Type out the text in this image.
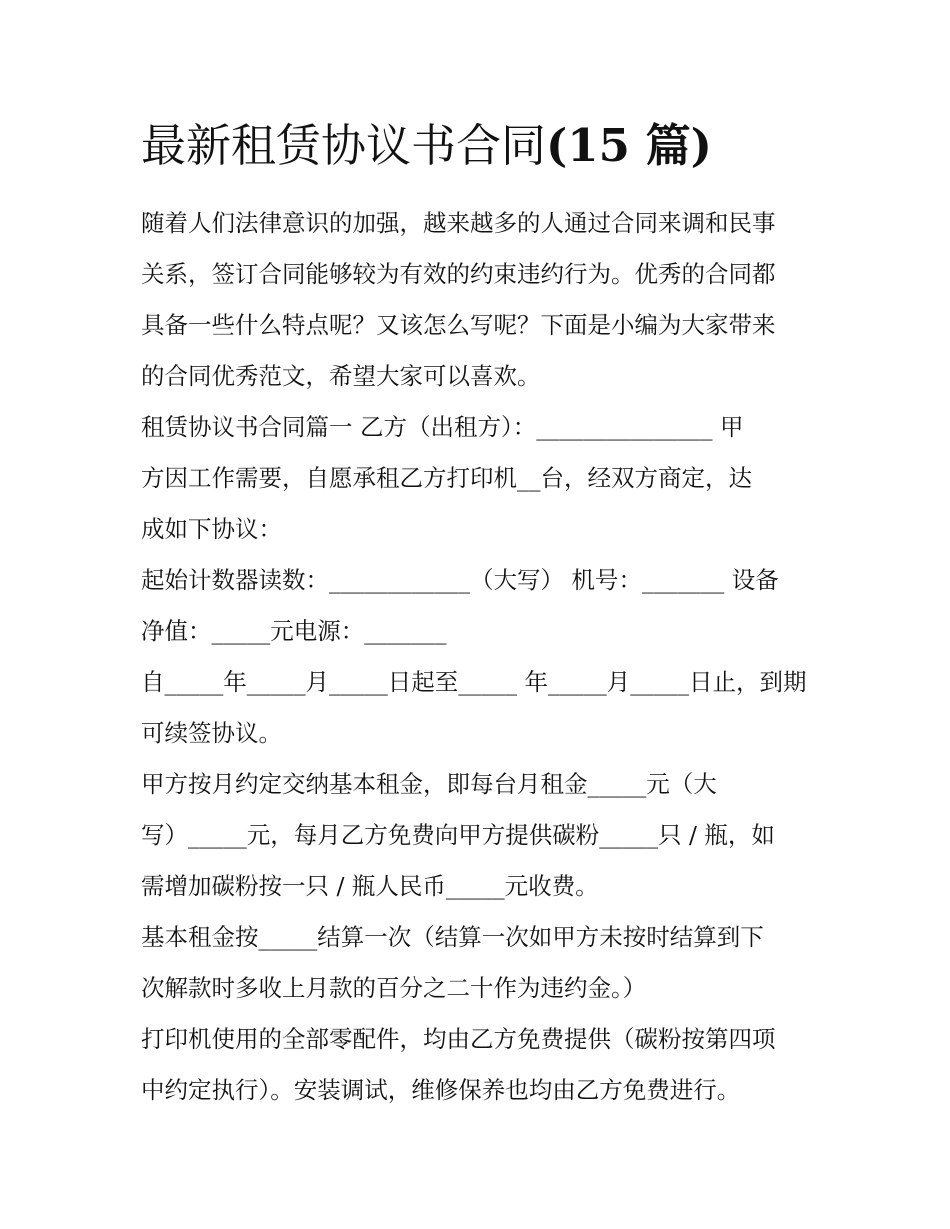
最新租赁协议书合同(15 篇)
随着人们法律意识的加强，越来越多的人通过合同来调和民事
关系，签订合同能够较为有效的约束违约行为。优秀的合同都
具备一些什么特点呢？又该怎么写呢？下面是小编为大家带来
的合同优秀范文，希望大家可以喜欢。
租赁协议书合同篇一 乙方（出租方）：_______________ 甲
方因工作需要，自愿承租乙方打印机__台，经双方商定，达
成如下协议：
起始计数器读数：____________（大写） 机号：_______ 设备
净值：_____元电源：_______
自_____年_____月_____日起至_____ 年_____月_____日止，到期
可续签协议。
甲方按月约定交纳基本租金，即每台月租金_____元（大
写）_____元，每月乙方免费向甲方提供碳粉_____只 / 瓶，如
需增加碳粉按一只 / 瓶人民币_____元收费。
基本租金按_____结算一次（结算一次如甲方未按时结算到下
次解款时多收上月款的百分之二十作为违约金。）
打印机使用的全部零配件，均由乙方免费提供（碳粉按第四项
中约定执行）。安装调试，维修保养也均由乙方免费进行。
